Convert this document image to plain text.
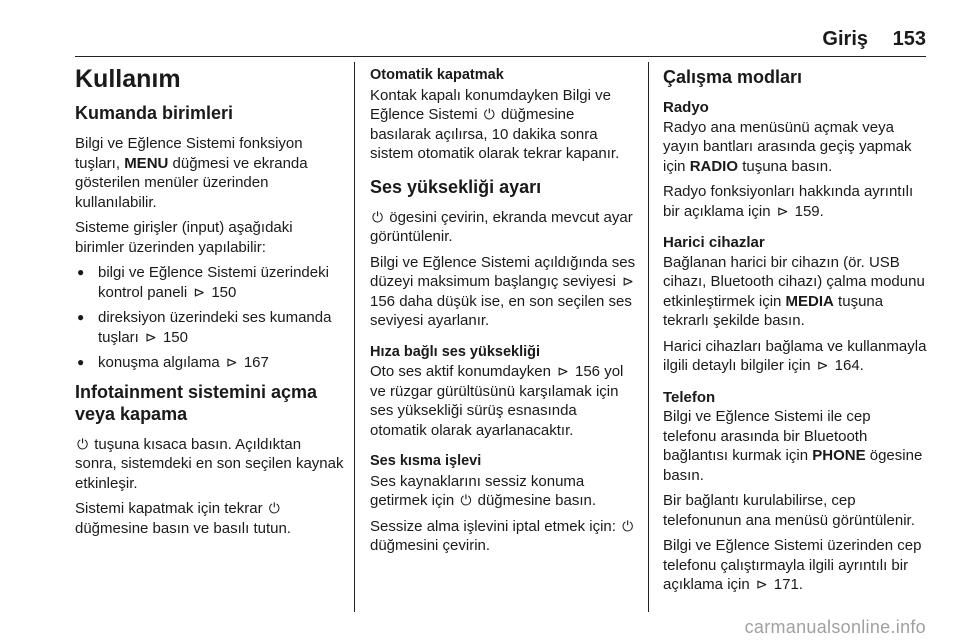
Giriş 153
Kullanım
Kumanda birimleri

Bilgi ve Eğlence Sistemi fonksiyon tuşları, MENU düğmesi ve ekranda gösterilen menüler üzerinden kullanılabilir.

Sisteme girişler (input) aşağıdaki birimler üzerinden yapılabilir:

● bilgi ve Eğlence Sistemi üzerindeki kontrol paneli ⊳ 150
● direksiyon üzerindeki ses kumanda tuşları ⊳ 150
● konuşma algılama ⊳ 167
Infotainment sistemini açma veya kapama

⏻ tuşuna kısaca basın. Açıldıktan sonra, sistemdeki en son seçilen kaynak etkinleşir.

Sistemi kapatmak için tekrar ⏻ düğmesine basın ve basılı tutun.

Otomatik kapatmak

Kontak kapalı konumdayken Bilgi ve Eğlence Sistemi ⏻ düğmesine basılarak açılırsa, 10 dakika sonra sistem otomatik olarak tekrar kapanır.

Ses yüksekliği ayarı

⏻ ögesini çevirin, ekranda mevcut ayar görüntülenir.

Bilgi ve Eğlence Sistemi açıldığında ses düzeyi maksimum başlangıç seviyesi ⊳ 156 daha düşük ise, en son seçilen ses seviyesi ayarlanır.

Hıza bağlı ses yüksekliği

Oto ses aktif konumdayken ⊳ 156 yol ve rüzgar gürültüsünü karşılamak için ses yüksekliği sürüş esnasında otomatik olarak ayarlanacaktır.

Ses kısma işlevi

Ses kaynaklarını sessiz konuma getirmek için ⏻ düğmesine basın.

Sessize alma işlevini iptal etmek için: ⏻ düğmesini çevirin.

Çalışma modları
Radyo

Radyo ana menüsünü açmak veya yayın bantları arasında geçiş yapmak için RADIO tuşuna basın.

Radyo fonksiyonları hakkında ayrıntılı bir açıklama için ⊳ 159.

Harici cihazlar

Bağlanan harici bir cihazın (ör. USB cihazı, Bluetooth cihazı) çalma modunu etkinleştirmek için MEDIA tuşuna tekrarlı şekilde basın.

Harici cihazları bağlama ve kullanmayla ilgili detaylı bilgiler için ⊳ 164.

Telefon

Bilgi ve Eğlence Sistemi ile cep telefonu arasında bir Bluetooth bağlantısı kurmak için PHONE ögesine basın.

Bir bağlantı kurulabilirse, cep telefonunun ana menüsü görüntülenir.

Bilgi ve Eğlence Sistemi üzerinden cep telefonu çalıştırmayla ilgili ayrıntılı bir açıklama için ⊳ 171.

carmanualsonline.info
